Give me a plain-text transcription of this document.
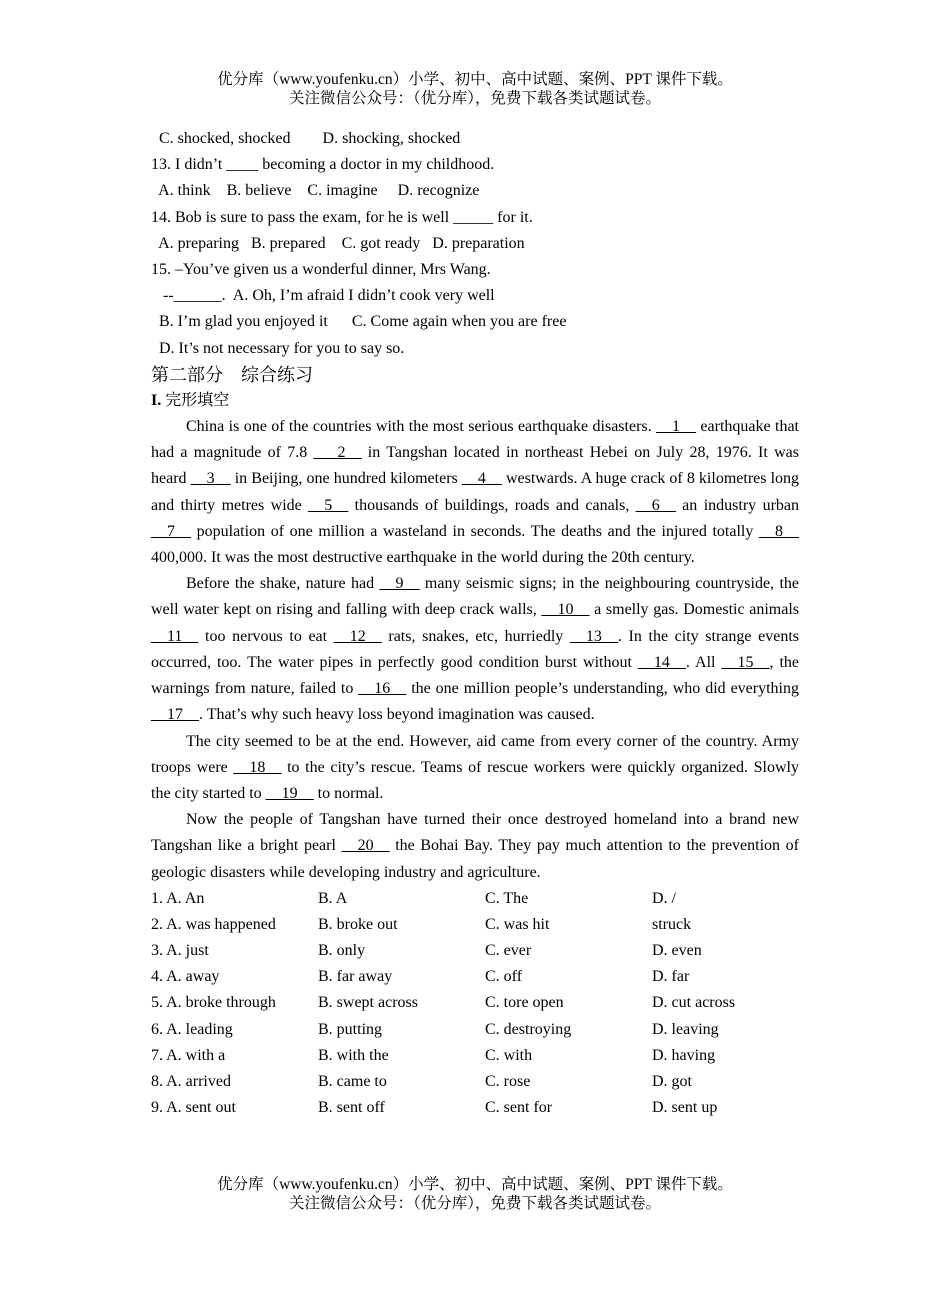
优分库（www.youfenku.cn）小学、初中、高中试题、案例、PPT 课件下载。
关注微信公众号：（优分库），免费下载各类试题试卷。
C. shocked, shocked        D. shocking, shocked
13. I didn’t ____ becoming a doctor in my childhood.
A. think    B. believe    C. imagine     D. recognize
14. Bob is sure to pass the exam, for he is well _____ for it.
A. preparing   B. prepared    C. got ready   D. preparation
15. –You’ve given us a wonderful dinner, Mrs Wang.
--______.  A. Oh, I’m afraid I didn’t cook very well
B. I’m glad you enjoyed it      C. Come again when you are free
D. It’s not necessary for you to say so.
第二部分    综合练习
I. 完形填空

China is one of the countries with the most serious earthquake disasters. __1__ earthquake that had a magnitude of 7.8 ___2__ in Tangshan located in northeast Hebei on July 28, 1976. It was heard __3__ in Beijing, one hundred kilometers __4__ westwards. A huge crack of 8 kilometres long and thirty metres wide __5__ thousands of buildings, roads and canals, __6__ an industry urban __7__ population of one million a wasteland in seconds. The deaths and the injured totally __8__ 400,000. It was the most destructive earthquake in the world during the 20th century.

Before the shake, nature had __9__ many seismic signs; in the neighbouring countryside, the well water kept on rising and falling with deep crack walls, __10__ a smelly gas. Domestic animals __11__ too nervous to eat __12__ rats, snakes, etc, hurriedly __13__. In the city strange events occurred, too. The water pipes in perfectly good condition burst without __14__. All __15__, the warnings from nature, failed to __16__ the one million people’s understanding, who did everything __17__. That’s why such heavy loss beyond imagination was caused.

The city seemed to be at the end. However, aid came from every corner of the country. Army troops were __18__ to the city’s rescue. Teams of rescue workers were quickly organized. Slowly the city started to __19__ to normal.

Now the people of Tangshan have turned their once destroyed homeland into a brand new Tangshan like a bright pearl __20__ the Bohai Bay. They pay much attention to the prevention of geologic disasters while developing industry and agriculture.

1. A. An	B. A	C. The	D. /
2. A. was happened	B. broke out	C. was hit	struck
3. A. just	B. only	C. ever	D. even
4. A. away	B. far away	C. off	D. far
5. A. broke through	B. swept across	C. tore open	D. cut across
6. A. leading	B. putting	C. destroying	D. leaving
7. A. with a	B. with the	C. with	D. having
8. A. arrived	B. came to	C. rose	D. got
9. A. sent out	B. sent off	C. sent for	D. sent up
优分库（www.youfenku.cn）小学、初中、高中试题、案例、PPT 课件下载。
关注微信公众号：（优分库），免费下载各类试题试卷。
